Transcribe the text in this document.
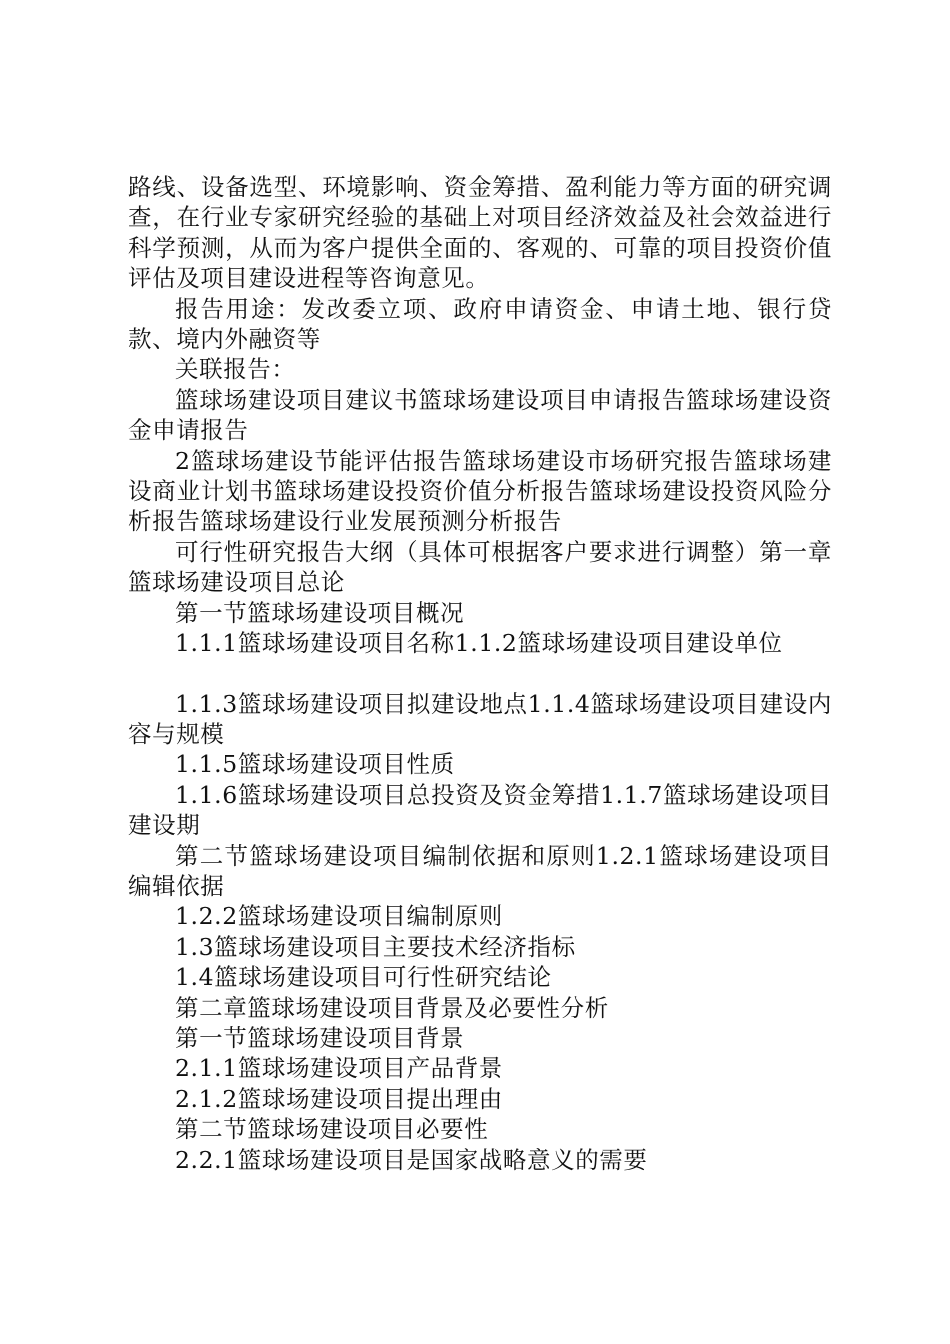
路线、设备选型、环境影响、资金筹措、盈利能力等方面的研究调查，在行业专家研究经验的基础上对项目经济效益及社会效益进行科学预测，从而为客户提供全面的、客观的、可靠的项目投资价值评估及项目建设进程等咨询意见。

报告用途：发改委立项、政府申请资金、申请土地、银行贷款、境内外融资等

关联报告：

篮球场建设项目建议书篮球场建设项目申请报告篮球场建设资金申请报告

2篮球场建设节能评估报告篮球场建设市场研究报告篮球场建设商业计划书篮球场建设投资价值分析报告篮球场建设投资风险分析报告篮球场建设行业发展预测分析报告

可行性研究报告大纲（具体可根据客户要求进行调整）第一章篮球场建设项目总论

第一节篮球场建设项目概况

1.1.1篮球场建设项目名称1.1.2篮球场建设项目建设单位

1.1.3篮球场建设项目拟建设地点1.1.4篮球场建设项目建设内容与规模

1.1.5篮球场建设项目性质

1.1.6篮球场建设项目总投资及资金筹措1.1.7篮球场建设项目建设期

第二节篮球场建设项目编制依据和原则1.2.1篮球场建设项目编辑依据

1.2.2篮球场建设项目编制原则

1.3篮球场建设项目主要技术经济指标

1.4篮球场建设项目可行性研究结论

第二章篮球场建设项目背景及必要性分析

第一节篮球场建设项目背景

2.1.1篮球场建设项目产品背景

2.1.2篮球场建设项目提出理由

第二节篮球场建设项目必要性

2.2.1篮球场建设项目是国家战略意义的需要
